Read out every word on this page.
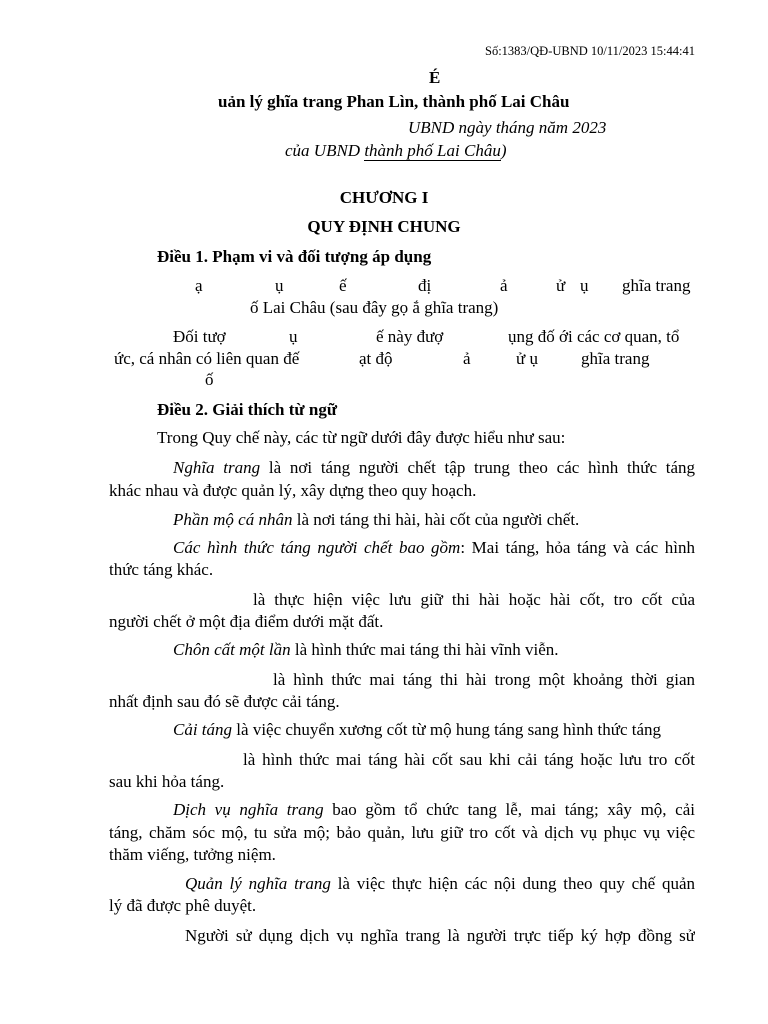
Số:1383/QĐ-UBND 10/11/2023 15:44:41
É
uản lý ghĩa trang Phan Lìn, thành phố Lai Châu
UBND ngày tháng năm 2023
của UBND thành phố Lai Châu)
CHƯƠNG I
QUY ĐỊNH CHUNG
Điều 1. Phạm vi và đối tượng áp dụng
ạ	ụ	ế	đị	ả	ử ụ ghĩa trang
ố Lai Châu (sau đây gọ ắ ghĩa trang)
Đối tượ	ụ	ế này đượ	ụng đố ới các cơ quan, tổ
ức, cá nhân có liên quan đế	ạt độ	ả	ử ụ	ghĩa trang
ố
Điều 2. Giải thích từ ngữ
Trong Quy chế này, các từ ngữ dưới đây được hiểu như sau:
Nghĩa trang là nơi táng người chết tập trung theo các hình thức táng
khác nhau và được quản lý, xây dựng theo quy hoạch.
Phần mộ cá nhân là nơi táng thi hài, hài cốt của người chết.
Các hình thức táng người chết bao gồm: Mai táng, hỏa táng và các hình
thức táng khác.
là thực hiện việc lưu giữ thi hài hoặc hài cốt, tro cốt của
người chết ở một địa điểm dưới mặt đất.
Chôn cất một lần là hình thức mai táng thi hài vĩnh viễn.
là hình thức mai táng thi hài trong một khoảng thời gian
nhất định sau đó sẽ được cải táng.
Cải táng là việc chuyển xương cốt từ mộ hung táng sang hình thức táng
là hình thức mai táng hài cốt sau khi cải táng hoặc lưu tro cốt
sau khi hỏa táng.
Dịch vụ nghĩa trang bao gồm tổ chức tang lễ, mai táng; xây mộ, cải
táng, chăm sóc mộ, tu sửa mộ; bảo quản, lưu giữ tro cốt và dịch vụ phục vụ việc
thăm viếng, tưởng niệm.
Quản lý nghĩa trang là việc thực hiện các nội dung theo quy chế quản
lý đã được phê duyệt.
Người sử dụng dịch vụ nghĩa trang là người trực tiếp ký hợp đồng sử
